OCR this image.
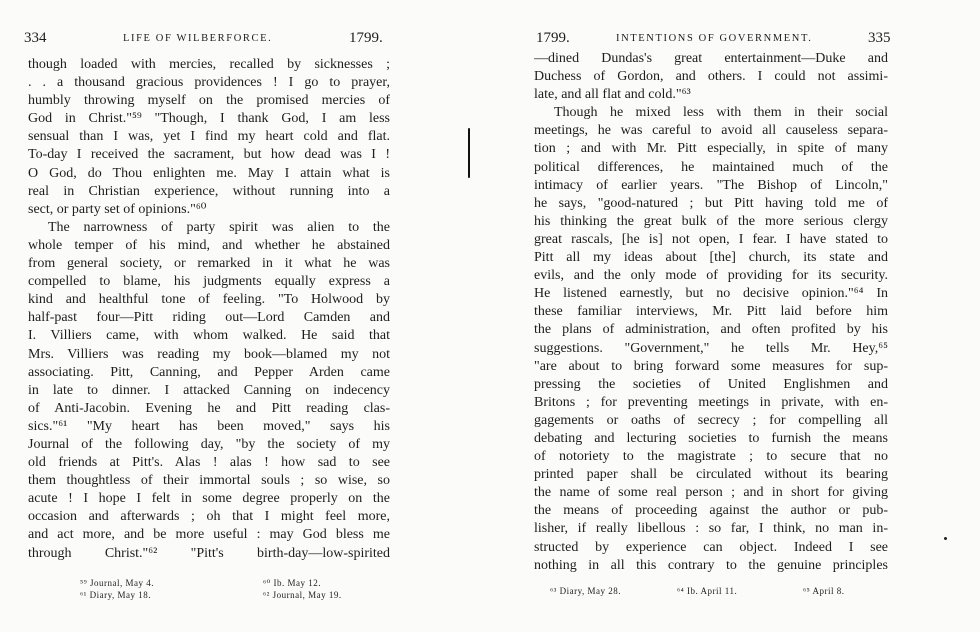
334	LIFE OF WILBERFORCE.	1799.
though loaded with mercies, recalled by sicknesses ;
. . a thousand gracious providences ! I go to prayer,
humbly throwing myself on the promised mercies of
God in Christ."⁵⁹ "Though, I thank God, I am less
sensual than I was, yet I find my heart cold and flat.
To-day I received the sacrament, but how dead was I !
O God, do Thou enlighten me. May I attain what is
real in Christian experience, without running into a
sect, or party set of opinions."⁶⁰
The narrowness of party spirit was alien to the
whole temper of his mind, and whether he abstained
from general society, or remarked in it what he was
compelled to blame, his judgments equally express a
kind and healthful tone of feeling. "To Holwood by
half-past four—Pitt riding out—Lord Camden and
I. Villiers came, with whom walked. He said that
Mrs. Villiers was reading my book—blamed my not
associating. Pitt, Canning, and Pepper Arden came
in late to dinner. I attacked Canning on indecency
of Anti-Jacobin. Evening he and Pitt reading clas-
sics."⁶¹ "My heart has been moved," says his
Journal of the following day, "by the society of my
old friends at Pitt's. Alas ! alas ! how sad to see
them thoughtless of their immortal souls ; so wise, so
acute ! I hope I felt in some degree properly on the
occasion and afterwards ; oh that I might feel more,
and act more, and be more useful : may God bless me
through Christ."⁶² "Pitt's birth-day—low-spirited
⁵⁹ Journal, May 4.
⁶¹ Diary, May 18.
⁶⁰ Ib. May 12.
⁶² Journal, May 19.
1799.	INTENTIONS OF GOVERNMENT.	335
—dined Dundas's great entertainment—Duke and
Duchess of Gordon, and others. I could not assimi-
late, and all flat and cold."⁶³
Though he mixed less with them in their social
meetings, he was careful to avoid all causeless separa-
tion ; and with Mr. Pitt especially, in spite of many
political differences, he maintained much of the
intimacy of earlier years. "The Bishop of Lincoln,"
he says, "good-natured ; but Pitt having told me of
his thinking the great bulk of the more serious clergy
great rascals, [he is] not open, I fear. I have stated to
Pitt all my ideas about [the] church, its state and
evils, and the only mode of providing for its security.
He listened earnestly, but no decisive opinion."⁶⁴ In
these familiar interviews, Mr. Pitt laid before him
the plans of administration, and often profited by his
suggestions. "Government," he tells Mr. Hey,⁶⁵
"are about to bring forward some measures for sup-
pressing the societies of United Englishmen and
Britons ; for preventing meetings in private, with en-
gagements or oaths of secrecy ; for compelling all
debating and lecturing societies to furnish the means
of notoriety to the magistrate ; to secure that no
printed paper shall be circulated without its bearing
the name of some real person ; and in short for giving
the means of proceeding against the author or pub-
lisher, if really libellous : so far, I think, no man in-
structed by experience can object. Indeed I see
nothing in all this contrary to the genuine principles
⁶³ Diary, May 28.	⁶⁴ Ib. April 11.	⁶⁵ April 8.
